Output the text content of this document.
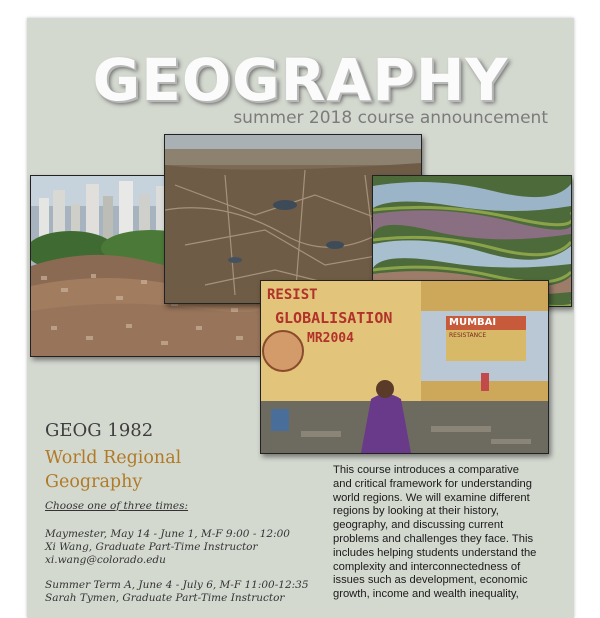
GEOGRAPHY
summer 2018 course announcement
RESIST
GLOBALISATION
MR2004
MUMBAI
RESISTANCE
GEOG 1982
World Regional
Geography
Choose one of three times:
Maymester, May 14 - June 1, M-F 9:00 - 12:00
Xi Wang, Graduate Part-Time Instructor
xi.wang@colorado.edu
Summer Term A, June 4 - July 6, M-F 11:00-12:35
Sarah Tymen, Graduate Part-Time Instructor
This course introduces a comparative
and critical framework for understanding
world regions. We will examine different
regions by looking at their history,
geography, and discussing current
problems and challenges they face. This
includes helping students understand the
complexity and interconnectedness of
issues such as development, economic
growth, income and wealth inequality,
